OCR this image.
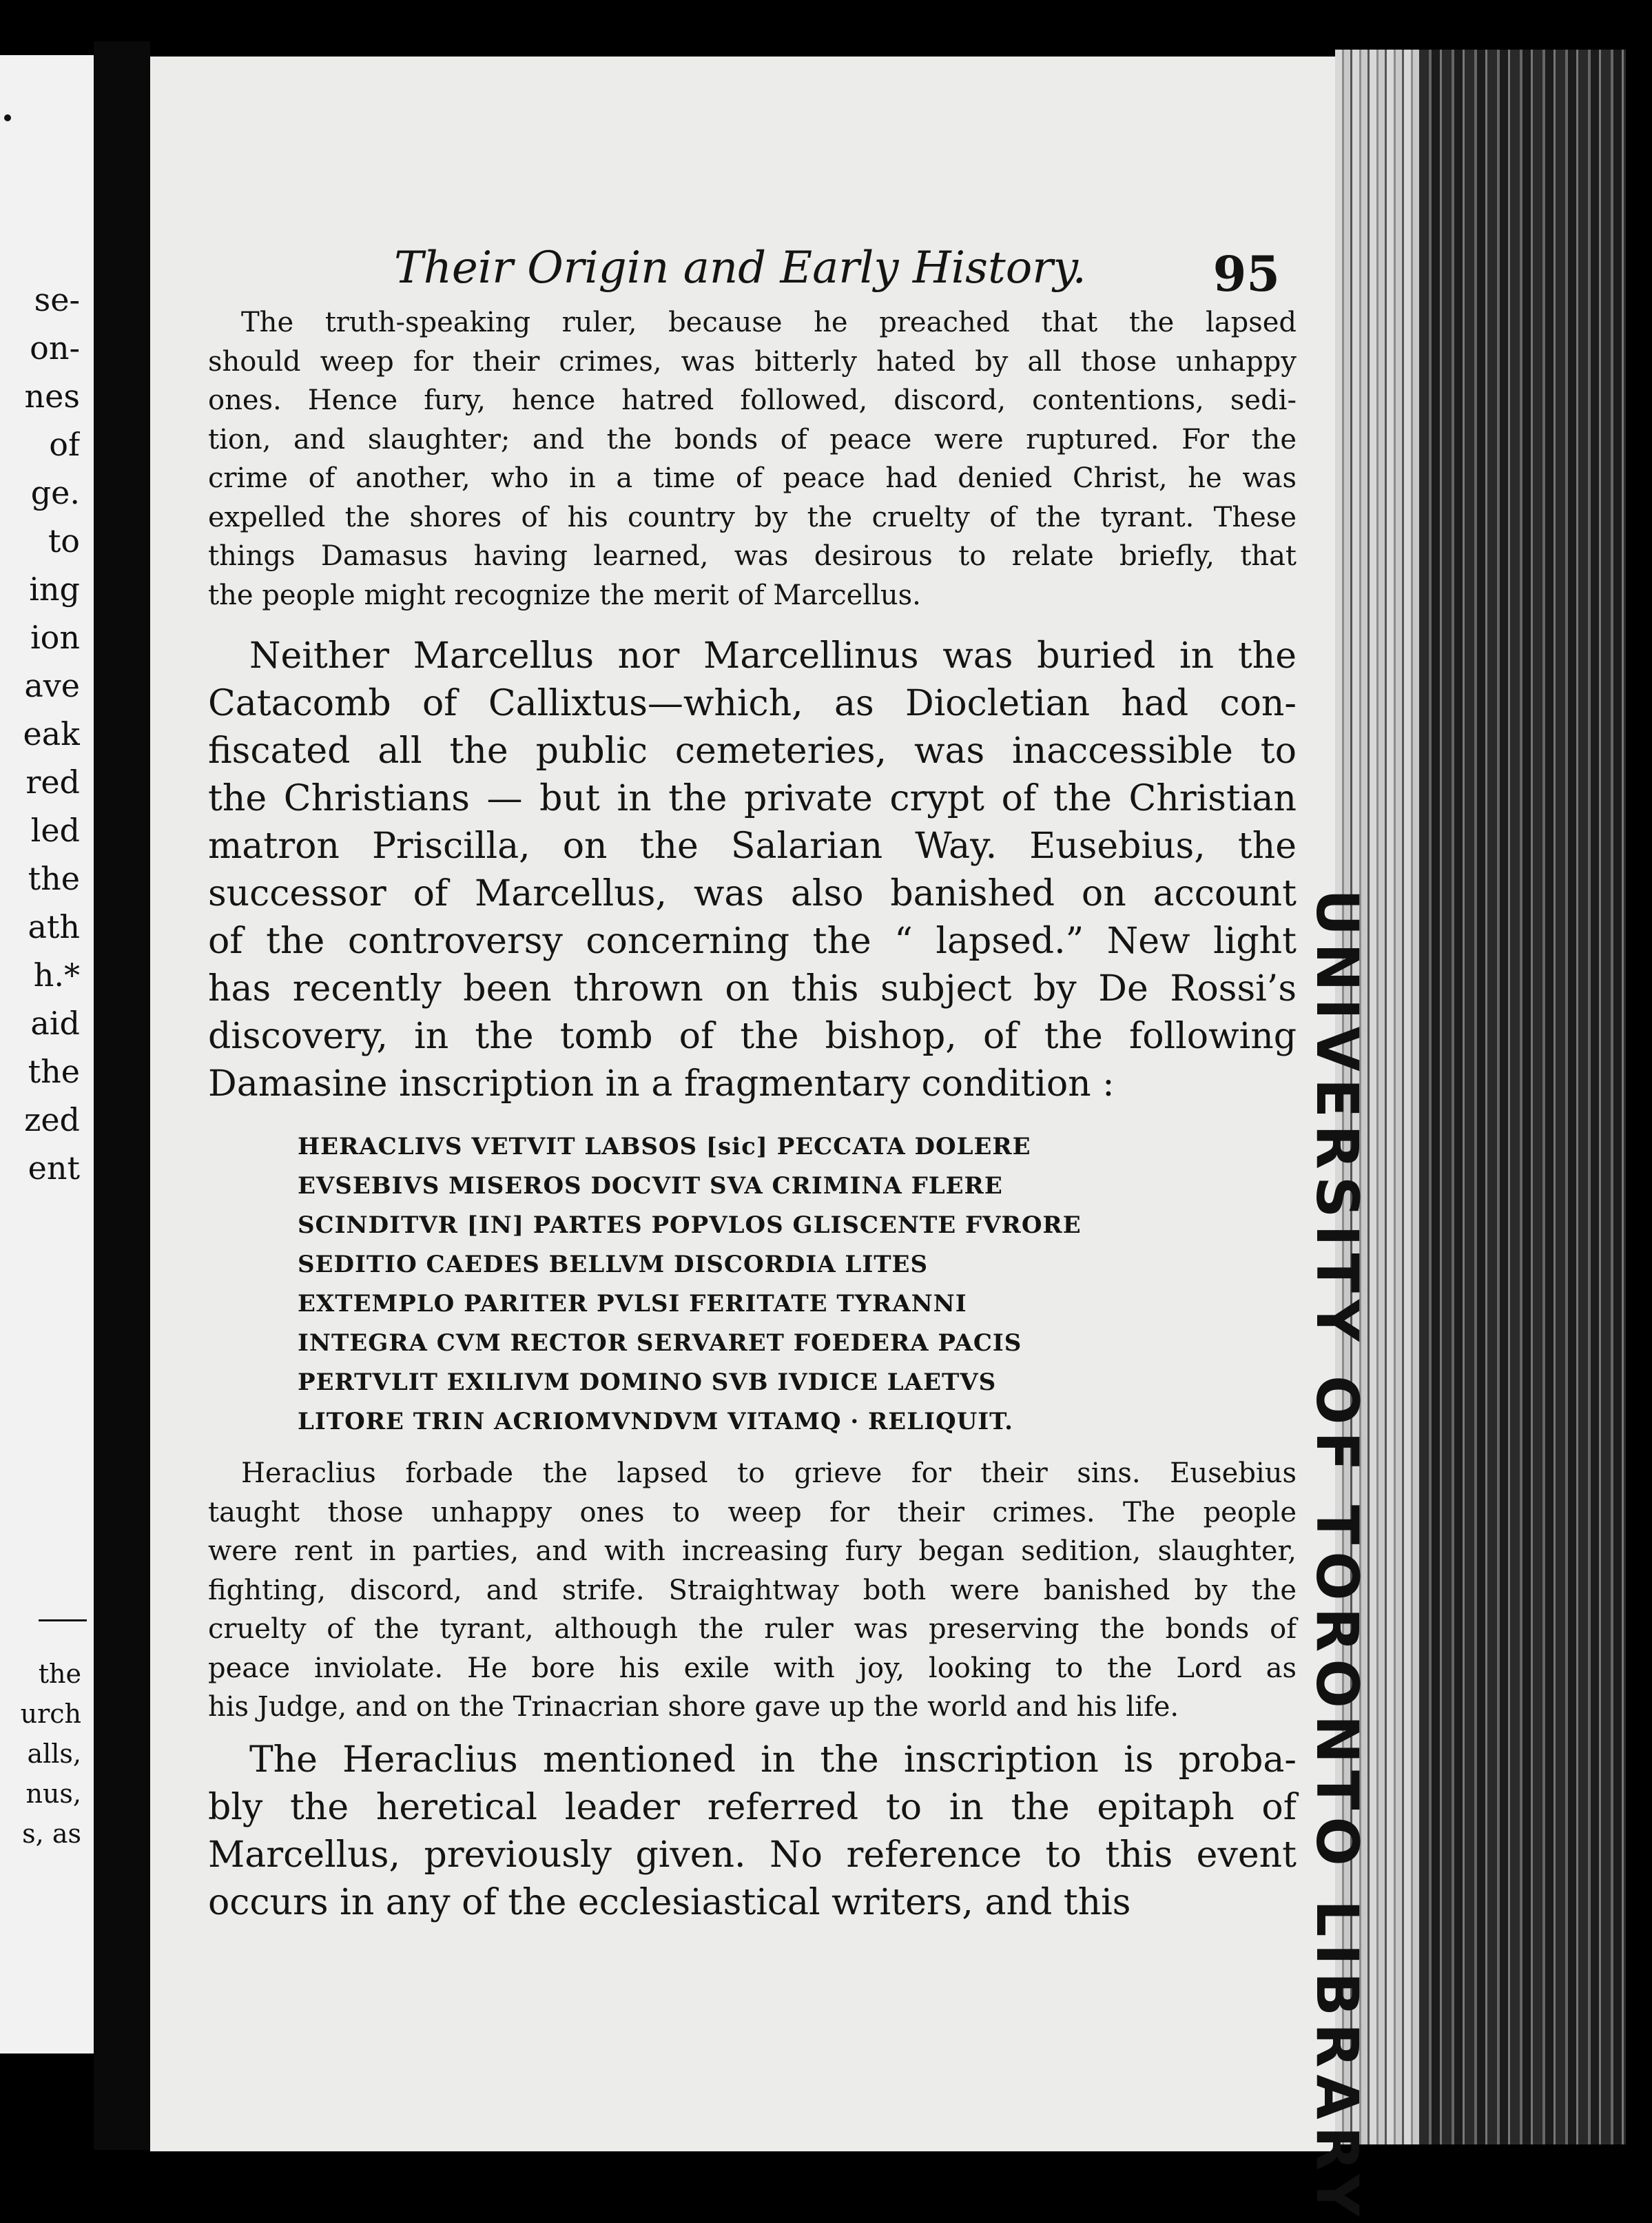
se-
on-
nes
of
ge.
to
ing
ion
ave
eak
red
led
the
ath
h.*
aid
the
zed
ent
the
urch
alls,
nus,
s, as
Their Origin and Early History.	95

The truth-speaking ruler, because he preached that the lapsed

should weep for their crimes, was bitterly hated by all those unhappy

ones. Hence fury, hence hatred followed, discord, contentions, sedi-

tion, and slaughter; and the bonds of peace were ruptured. For the

crime of another, who in a time of peace had denied Christ, he was

expelled the shores of his country by the cruelty of the tyrant. These

things Damasus having learned, was desirous to relate briefly, that

the people might recognize the merit of Marcellus.

Neither Marcellus nor Marcellinus was buried in the

Catacomb of Callixtus—which, as Diocletian had con-

fiscated all the public cemeteries, was inaccessible to

the Christians — but in the private crypt of the Christian

matron Priscilla, on the Salarian Way. Eusebius, the

successor of Marcellus, was also banished on account

of the controversy concerning the “ lapsed.” New light

has recently been thrown on this subject by De Rossi’s

discovery, in the tomb of the bishop, of the following

Damasine inscription in a fragmentary condition :

HERACLIVS VETVIT LABSOS [sic] PECCATA DOLERE
EVSEBIVS MISEROS DOCVIT SVA CRIMINA FLERE
SCINDITVR [IN] PARTES POPVLOS GLISCENTE FVRORE
SEDITIO CAEDES BELLVM DISCORDIA LITES
EXTEMPLO PARITER PVLSI FERITATE TYRANNI
INTEGRA CVM RECTOR SERVARET FOEDERA PACIS
PERTVLIT EXILIVM DOMINO SVB IVDICE LAETVS
LITORE TRIN ACRIOMVNDVM VITAMQ · RELIQUIT.

Heraclius forbade the lapsed to grieve for their sins. Eusebius

taught those unhappy ones to weep for their crimes. The people

were rent in parties, and with increasing fury began sedition, slaughter,

fighting, discord, and strife. Straightway both were banished by the

cruelty of the tyrant, although the ruler was preserving the bonds of

peace inviolate. He bore his exile with joy, looking to the Lord as

his Judge, and on the Trinacrian shore gave up the world and his life.

The Heraclius mentioned in the inscription is proba-

bly the heretical leader referred to in the epitaph of

Marcellus, previously given. No reference to this event

occurs in any of the ecclesiastical writers, and this	UNIVERSITY OF TORONTO LIBRARY
